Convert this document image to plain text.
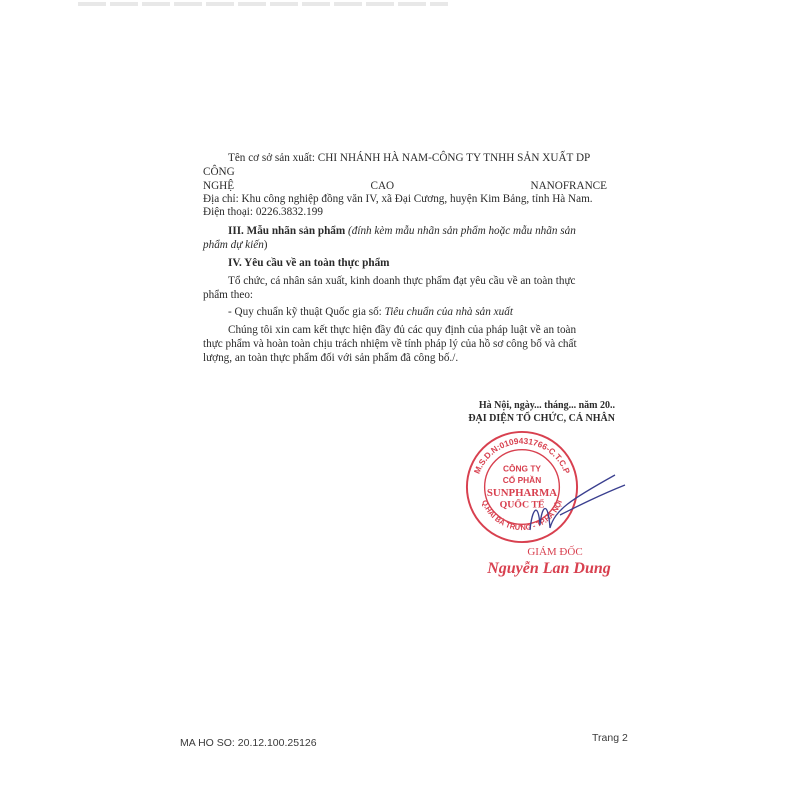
Tên cơ sở sản xuất: CHI NHÁNH HÀ NAM-CÔNG TY TNHH SẢN XUẤT DP
CÔNG
NGHỆ	CAO	NANOFRANCE
Địa chỉ: Khu công nghiệp đồng văn IV, xã Đại Cương, huyện Kim Bảng, tỉnh Hà Nam.
Điện thoại: 0226.3832.199
III. Mẫu nhãn sản phẩm (đính kèm mẫu nhãn sản phẩm hoặc mẫu nhãn sản
phẩm dự kiến)
IV. Yêu cầu về an toàn thực phẩm
Tổ chức, cá nhân sản xuất, kinh doanh thực phẩm đạt yêu cầu về an toàn thực
phẩm theo:
- Quy chuẩn kỹ thuật Quốc gia số: Tiêu chuẩn của nhà sản xuất
Chúng tôi xin cam kết thực hiện đầy đủ các quy định của pháp luật về an toàn
thực phẩm và hoàn toàn chịu trách nhiệm về tính pháp lý của hồ sơ công bố và chất
lượng, an toàn thực phẩm đối với sản phẩm đã công bố./.
Hà Nội, ngày... tháng... năm 20..
ĐẠI DIỆN TỔ CHỨC, CÁ NHÂN
M.S.D.N:0109431766-C.T.C.P
Q.HAI BÀ TRƯNG - TP.HÀ NỘI
CÔNG TY
CỔ PHẦN
SUNPHARMA
QUỐC TẾ
GIÁM ĐỐC
Nguyễn Lan Dung
MA HO SO: 20.12.100.25126	Trang 2
